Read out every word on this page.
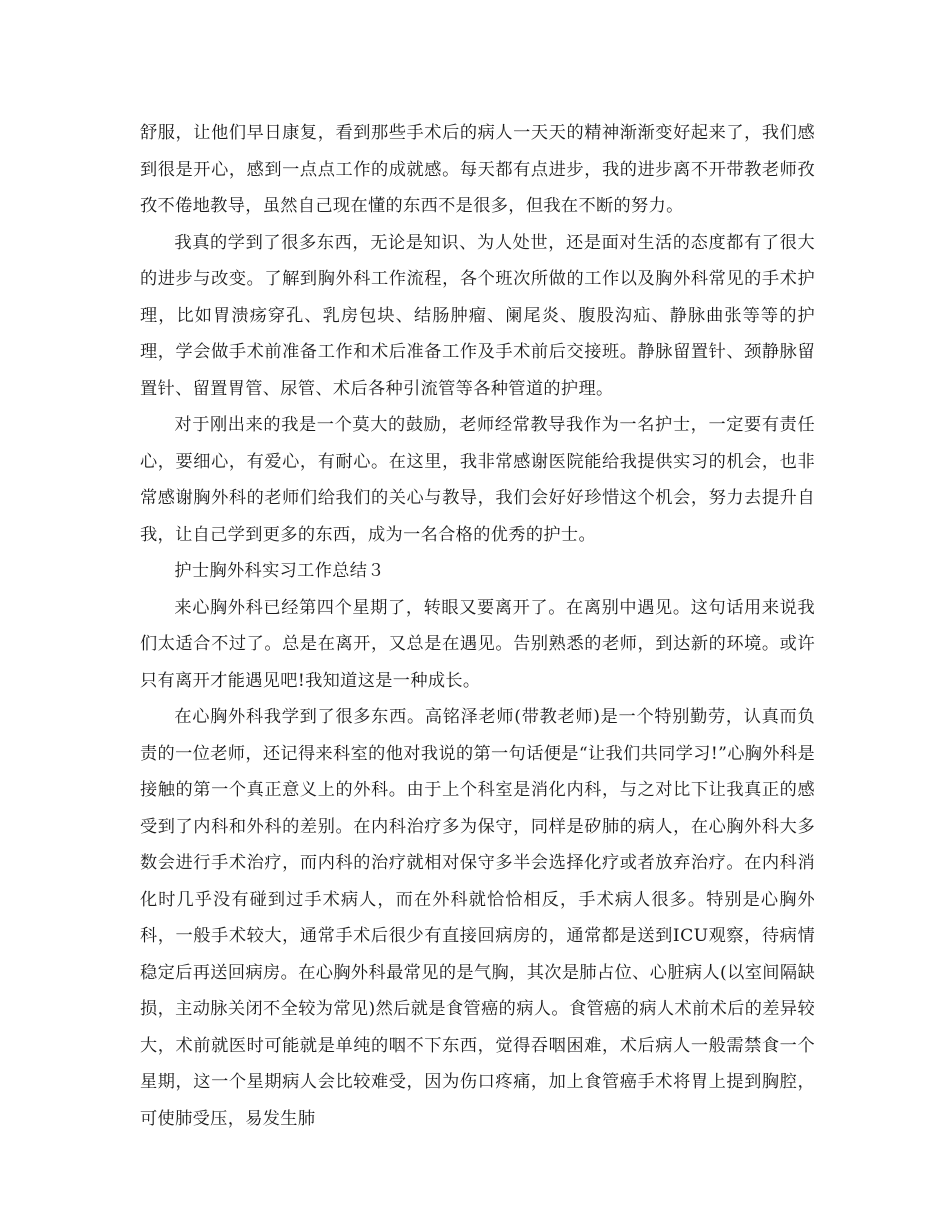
舒服，让他们早日康复，看到那些手术后的病人一天天的精神渐渐变好起来了，我们感到很是开心，感到一点点工作的成就感。每天都有点进步，我的进步离不开带教老师孜孜不倦地教导，虽然自己现在懂的东西不是很多，但我在不断的努力。

我真的学到了很多东西，无论是知识、为人处世，还是面对生活的态度都有了很大的进步与改变。了解到胸外科工作流程，各个班次所做的工作以及胸外科常见的手术护理，比如胃溃疡穿孔、乳房包块、结肠肿瘤、阑尾炎、腹股沟疝、静脉曲张等等的护理，学会做手术前准备工作和术后准备工作及手术前后交接班。静脉留置针、颈静脉留置针、留置胃管、尿管、术后各种引流管等各种管道的护理。

对于刚出来的我是一个莫大的鼓励，老师经常教导我作为一名护士，一定要有责任心，要细心，有爱心，有耐心。在这里，我非常感谢医院能给我提供实习的机会，也非常感谢胸外科的老师们给我们的关心与教导，我们会好好珍惜这个机会，努力去提升自我，让自己学到更多的东西，成为一名合格的优秀的护士。

护士胸外科实习工作总结３

来心胸外科已经第四个星期了，转眼又要离开了。在离别中遇见。这句话用来说我们太适合不过了。总是在离开，又总是在遇见。告别熟悉的老师，到达新的环境。或许只有离开才能遇见吧!我知道这是一种成长。

在心胸外科我学到了很多东西。高铭泽老师(带教老师)是一个特别勤劳，认真而负责的一位老师，还记得来科室的他对我说的第一句话便是“让我们共同学习!”心胸外科是接触的第一个真正意义上的外科。由于上个科室是消化内科，与之对比下让我真正的感受到了内科和外科的差别。在内科治疗多为保守，同样是矽肺的病人，在心胸外科大多数会进行手术治疗，而内科的治疗就相对保守多半会选择化疗或者放弃治疗。在内科消化时几乎没有碰到过手术病人，而在外科就恰恰相反，手术病人很多。特别是心胸外科，一般手术较大，通常手术后很少有直接回病房的，通常都是送到ICU观察，待病情稳定后再送回病房。在心胸外科最常见的是气胸，其次是肺占位、心脏病人(以室间隔缺损，主动脉关闭不全较为常见)然后就是食管癌的病人。食管癌的病人术前术后的差异较大，术前就医时可能就是单纯的咽不下东西，觉得吞咽困难，术后病人一般需禁食一个星期，这一个星期病人会比较难受，因为伤口疼痛，加上食管癌手术将胃上提到胸腔，可使肺受压，易发生肺
